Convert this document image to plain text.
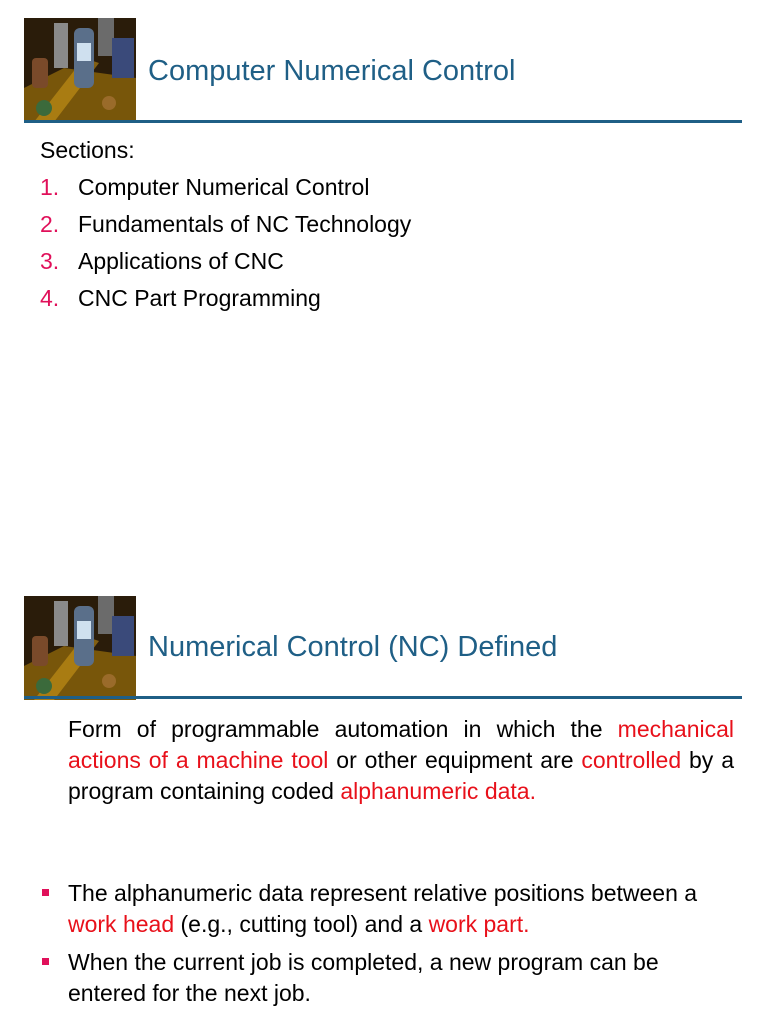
Computer Numerical Control
Sections:
1. Computer Numerical Control
2. Fundamentals of NC Technology
3. Applications of CNC
4. CNC Part Programming
Numerical Control (NC) Defined

Form of programmable automation in which the mechanical actions of a machine tool or other equipment are controlled by a program containing coded alphanumeric data.

The alphanumeric data represent relative positions between a work head (e.g., cutting tool) and a work part.
When the current job is completed, a new program can be entered for the next job.
